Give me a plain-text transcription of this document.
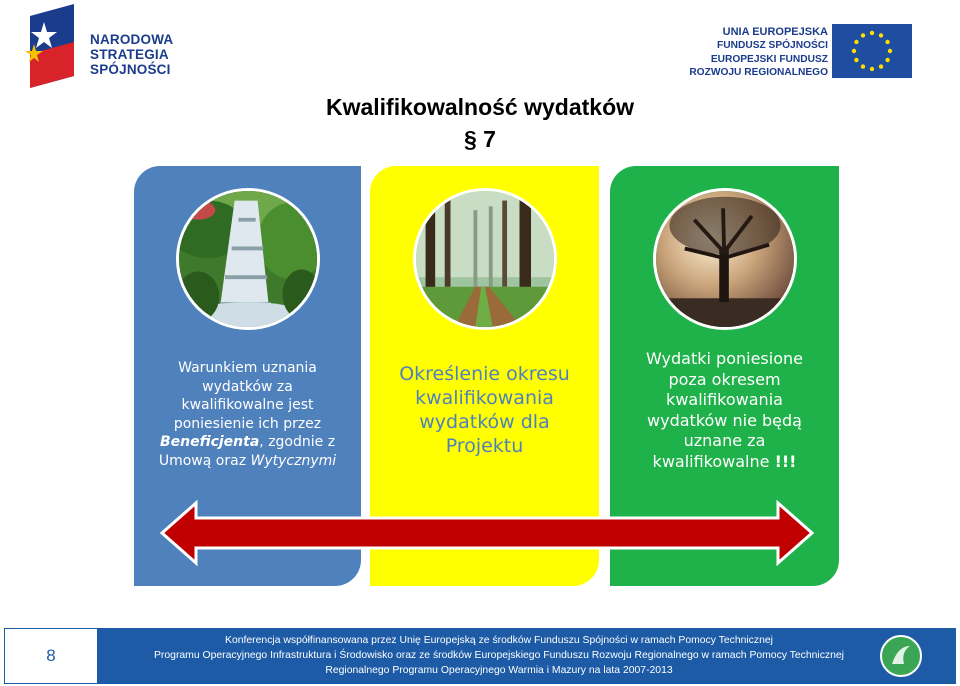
NARODOWA
STRATEGIA SPÓJNOŚCI
UNIA EUROPEJSKA
FUNDUSZ SPÓJNOŚCI
EUROPEJSKI FUNDUSZ
ROZWOJU REGIONALNEGO
Kwalifikowalność wydatków
§ 7
Warunkiem uznania
wydatków za
kwalifikowalne jest
poniesienie ich przez
Beneficjenta, zgodnie z
Umową oraz Wytycznymi
Określenie okresu
kwalifikowania
wydatków dla
Projektu
Wydatki poniesione
poza okresem
kwalifikowania
wydatków nie będą
uznane za
kwalifikowalne !!!
8
Konferencja współfinansowana przez Unię Europejską ze środków Funduszu Spójności w ramach Pomocy Technicznej
Programu Operacyjnego Infrastruktura i Środowisko oraz ze środków Europejskiego Funduszu Rozwoju Regionalnego w ramach Pomocy Technicznej
Regionalnego Programu Operacyjnego Warmia i Mazury na lata 2007-2013
